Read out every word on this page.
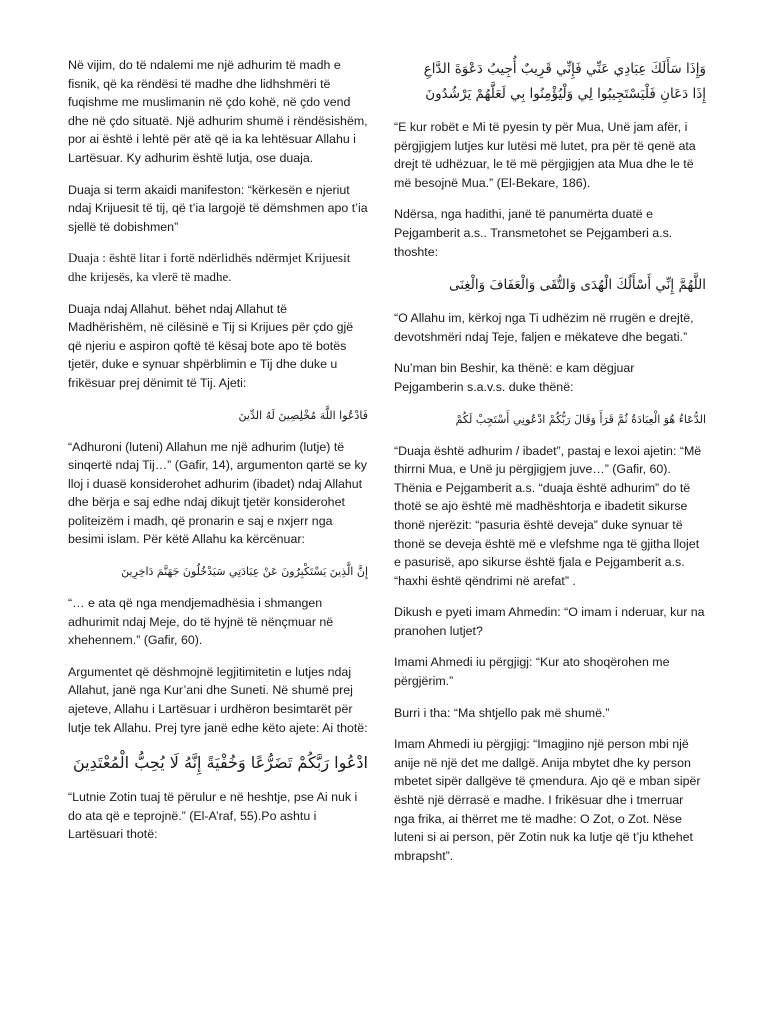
Në vijim, do të ndalemi me një adhurim të madh e fisnik, që ka rëndësi të madhe dhe lidhshmëri të fuqishme me muslimanin në çdo kohë, në çdo vend dhe në çdo situatë. Një adhurim shumë i rëndësishëm, por ai është i lehtë për atë që ia ka lehtësuar Allahu i Lartësuar. Ky adhurim është lutja, ose duaja.

Duaja si term akaidi manifeston: “kërkesën e njeriut ndaj Krijuesit të tij, që t’ia largojë të dëmshmen apo t’ia sjellë të dobishmen”

Duaja : është litar i fortë ndërlidhës ndërmjet Krijuesit dhe krijesës, ka vlerë të madhe.

Duaja ndaj Allahut. bëhet ndaj Allahut të Madhërishëm, në cilësinë e Tij si Krijues për çdo gjë që njeriu e aspiron qoftë të kësaj bote apo të botës tjetër, duke e synuar shpërblimin e Tij dhe duke u frikësuar prej dënimit të Tij. Ajeti:

فَادْعُوا اللَّهَ مُخْلِصِينَ لَهُ الدِّينَ

“Adhuroni (luteni) Allahun me një adhurim (lutje) të sinqertë ndaj Tij…” (Gafir, 14), argumenton qartë se ky lloj i duasë konsiderohet adhurim (ibadet) ndaj Allahut dhe bërja e saj edhe ndaj dikujt tjetër konsiderohet politeizëm i madh, që pronarin e saj e nxjerr nga besimi islam. Për këtë Allahu ka kërcënuar:

إِنَّ الَّذِينَ يَسْتَكْبِرُونَ عَنْ عِبَادَتِي سَيَدْخُلُونَ جَهَنَّمَ دَاخِرِينَ

“… e ata që nga mendjemadhësia i shmangen adhurimit ndaj Meje, do të hyjnë të nënçmuar në xhehennem.” (Gafir, 60).

Argumentet që dëshmojnë legjitimitetin e lutjes ndaj Allahut, janë nga Kur’ani dhe Suneti. Në shumë prej ajeteve, Allahu i Lartësuar i urdhëron besimtarët për lutje tek Allahu. Prej tyre janë edhe këto ajete: Ai thotë:

ادْعُوا رَبَّكُمْ تَضَرُّعًا وَخُفْيَةً إِنَّهُ لَا يُحِبُّ الْمُعْتَدِينَ

“Lutnie Zotin tuaj të përulur e në heshtje, pse Ai nuk i do ata që e teprojnë.” (El-A’raf, 55).Po ashtu i Lartësuari thotë:

وَإِذَا سَأَلَكَ عِبَادِي عَنِّي فَإِنِّي قَرِيبٌ أُجِيبُ دَعْوَةَ الدَّاعِ
إِذَا دَعَانِ فَلْيَسْتَجِيبُوا لِي وَلْيُؤْمِنُوا بِي لَعَلَّهُمْ يَرْشُدُونَ

“E kur robët e Mi të pyesin ty për Mua, Unë jam afër, i përgjigjem lutjes kur lutësi më lutet, pra për të qenë ata drejt të udhëzuar, le të më përgjigjen ata Mua dhe le të më besojnë Mua.” (El-Bekare, 186).

Ndërsa, nga hadithi, janë të panumërta duatë e Pejgamberit a.s.. Transmetohet se Pejgamberi a.s. thoshte:

اللَّهُمَّ إِنِّي أَسْأَلُكَ الْهُدَى وَالتُّقَى وَالْعَفَافَ وَالْغِنَى

“O Allahu im, kërkoj nga Ti udhëzim në rrugën e drejtë, devotshmëri ndaj Teje, faljen e mëkateve dhe begati.”

Nu’man bin Beshir, ka thënë: e kam dëgjuar Pejgamberin s.a.v.s. duke thënë:

الدُّعَاءُ هُوَ الْعِبَادَةُ ثُمَّ قَرَأَ وَقَالَ رَبُّكُمْ ادْعُونِي أَسْتَجِبْ لَكُمْ

“Duaja është adhurim / ibadet”, pastaj e lexoi ajetin: “Më thirrni Mua, e Unë ju përgjigjem juve…” (Gafir, 60). Thënia e Pejgamberit a.s. “duaja është adhurim” do të thotë se ajo është më madhështorja e ibadetit sikurse thonë njerëzit: “pasuria është deveja” duke synuar të thonë se deveja është më e vlefshme nga të gjitha llojet e pasurisë, apo sikurse është fjala e Pejgamberit a.s. “haxhi është qëndrimi në arefat” .

Dikush e pyeti imam Ahmedin: “O imam i nderuar, kur na pranohen lutjet?

Imami Ahmedi iu përgjigj: “Kur ato shoqërohen me përgjërim.”

Burri i tha: “Ma shtjello pak më shumë.”

Imam Ahmedi iu përgjigj: “Imagjino një person mbi një anije në një det me dallgë. Anija mbytet dhe ky person mbetet sipër dallgëve të çmendura. Ajo që e mban sipër është një dërrasë e madhe. I frikësuar dhe i tmerruar nga frika, ai thërret me të madhe: O Zot, o Zot. Nëse luteni si ai person, për Zotin nuk ka lutje që t’ju kthehet mbrapsht”.
